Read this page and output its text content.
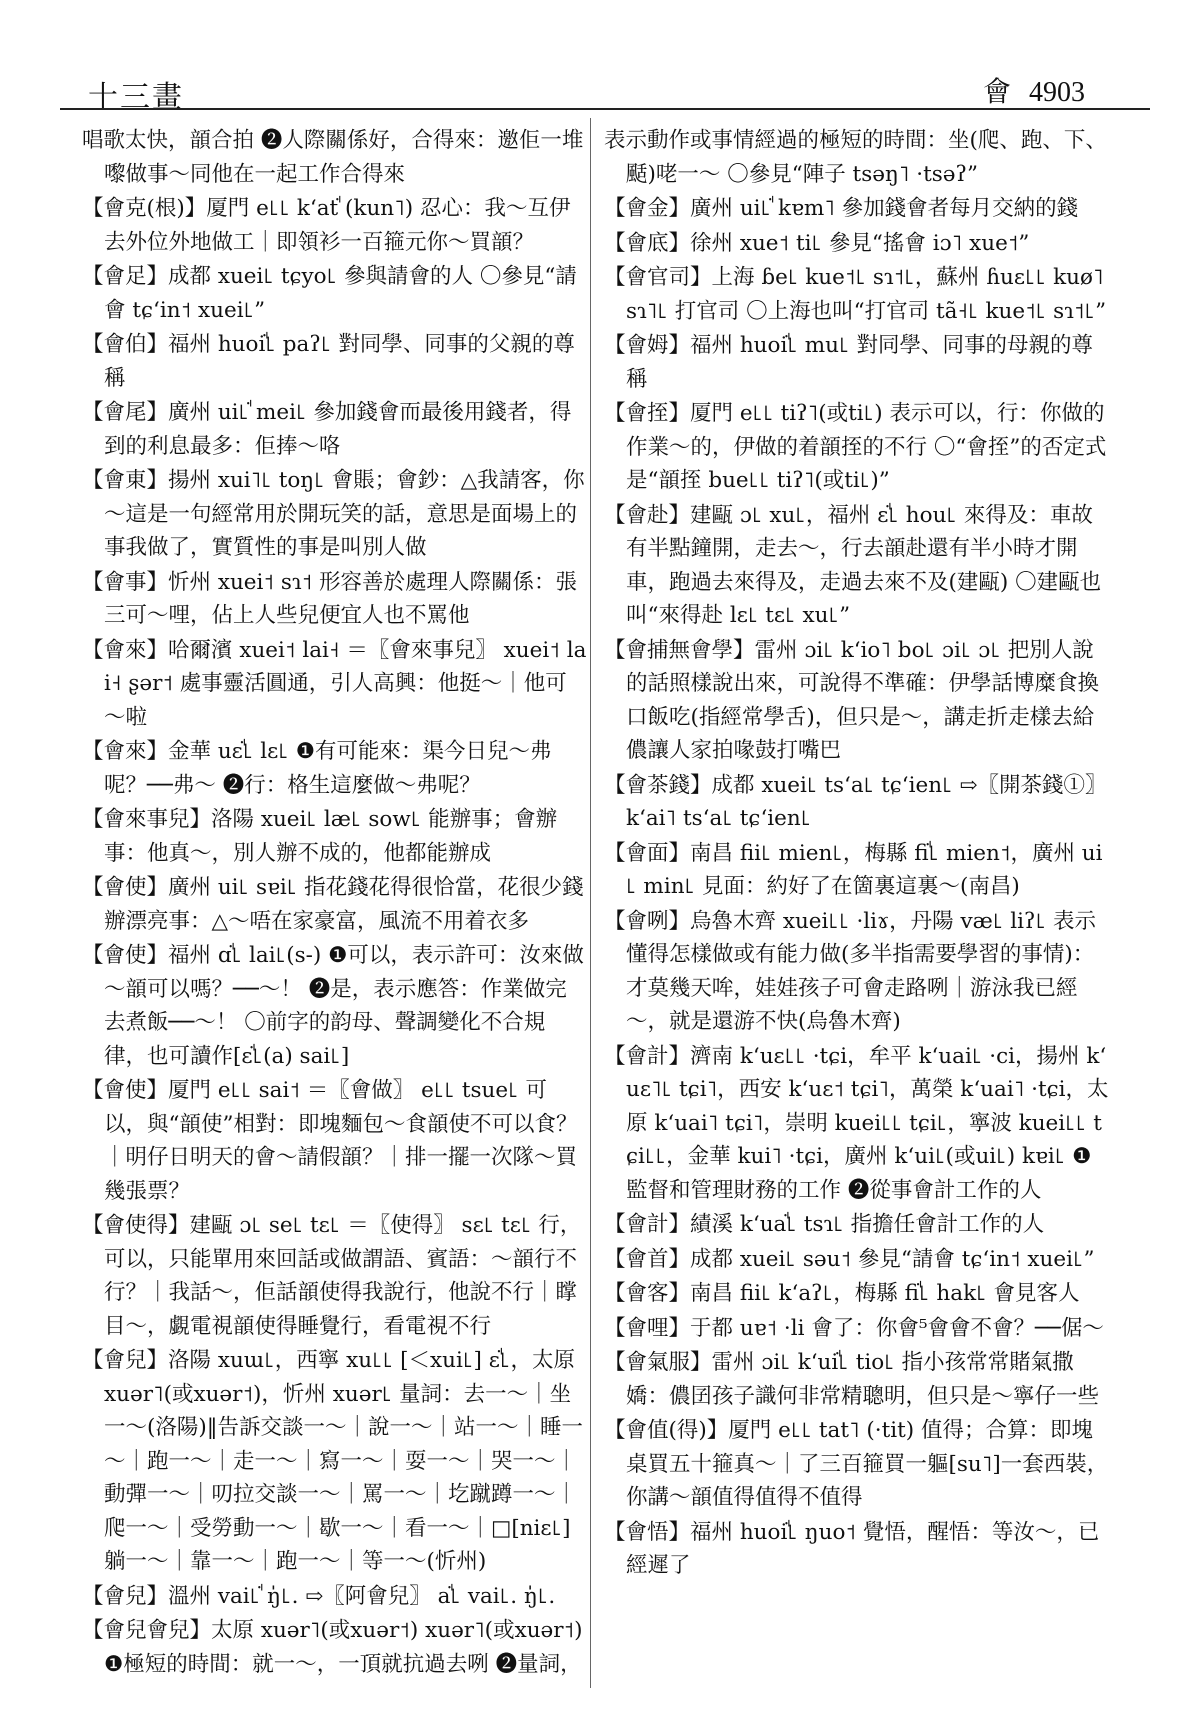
十三畫	會 4903

唱歌太快，𩐳合拍 ❷人際關係好，合得來：邀佢一堆嚟做事～同他在一起工作合得來

【會克(根)】厦門 e꜖꜖ kʻatꜗ (kun˥) 忍心：我～互伊去外位外地做工｜即領衫一百箍元你～買𩐳？

【會足】成都 xuei꜖ tɕyo꜖ 參與請會的人 〇參見“請會 tɕʻin˦ xuei꜖”

【會伯】福州 huoiꜗ꜖ paʔ꜖ 對同學、同事的父親的尊稱

【會尾】廣州 ui꜖ꜗ mei꜖ 參加錢會而最後用錢者，得到的利息最多：佢捧～咯

【會東】揚州 xui˥꜖ toŋ꜖ 會賬；會鈔：△我請客，你～這是一句經常用於開玩笑的話，意思是面場上的事我做了，實質性的事是叫別人做

【會事】忻州 xuei˦ sɿ˦ 形容善於處理人際關係：張三可～哩，佔上人些兒便宜人也不罵他

【會來】哈爾濱 xuei˦ lai˧ ＝〖會來事兒〗 xuei˦ lai˧ ʂər˦ 處事靈活圓通，引人高興：他挺～｜他可～啦

【會來】金華 uɛꜗ꜖ lɛ꜖ ❶有可能來：渠今日兒～弗呢？──弗～ ❷行：格生這麼做～弗呢？

【會來事兒】洛陽 xuei꜖ læ꜖ sow꜖ 能辦事；會辦事：他真～，別人辦不成的，他都能辦成

【會使】廣州 ui꜖ sɐi꜖ 指花錢花得很恰當，花很少錢辦漂亮事：△～唔在家豪富，風流不用着衣多

【會使】福州 ɑꜗ꜖ lai꜖(s-) ❶可以，表示許可：汝來做～𩐳可以嗎？──～！ ❷是，表示應答：作業做完去煮飯──～！ 〇前字的韵母、聲調變化不合規律，也可讀作[ɛꜗ꜖(a) sai꜖]

【會使】厦門 e꜖꜖ sai˦ ＝〖會做〗 e꜖꜖ tsue꜖ 可以，與“𩐳使”相對：即塊麵包～食𩐳使不可以食？｜明仔日明天的會～請假𩐳？｜排一擺一次隊～買幾張票？

【會使得】建甌 ɔ꜖ se꜖ tɛ꜖ ＝〖使得〗 sɛ꜖ tɛ꜖ 行，可以，只能單用來回話或做謂語、賓語：～𩐳行不行？｜我話～，佢話𩐳使得我說行，他說不行｜𥋇目～，覷電視𩐳使得睡覺行，看電視不行

【會兒】洛陽 xuɯ꜖，西寧 xu꜖꜖ [＜xui꜖] ɛꜗ꜖，太原 xuər˥(或xuər˦)，忻州 xuər꜖ 量詞：去一～｜坐一～(洛陽)‖告訴交談一～｜說一～｜站一～｜睡一～｜跑一～｜走一～｜寫一～｜耍一～｜哭一～｜動彈一～｜叨拉交談一～｜罵一～｜圪蹴蹲一～｜爬一～｜受勞動一～｜歇一～｜看一～｜□[niɛ꜖]躺一～｜靠一～｜跑一～｜等一～(忻州)

【會兒】溫州 vai꜖ꜗ ŋ̍꜖. ⇨〖阿會兒〗 aꜗ꜖ vai꜖. ŋ̍꜖.

【會兒會兒】太原 xuər˥(或xuər˦) xuər˥(或xuər˦) ❶極短的時間：就一～，一頂就抗過去咧 ❷量詞，

表示動作或事情經過的極短的時間：坐(爬、跑、下、颳)咾一～ 〇參見“陣子 tsəŋ˥ ·tsəʔ”

【會金】廣州 ui꜖ꜗ kɐm˥ 參加錢會者每月交納的錢

【會底】徐州 xue˦ ti꜖ 參見“搖會 iɔ˥ xue˦”

【會官司】上海 ɓe꜖ kue˦꜖ sɿ˦꜖，蘇州 ɦuɛ꜖꜖ kuø˥ sɿ˥꜖ 打官司 〇上海也叫“打官司 tã˧꜖ kue˦꜖ sɿ˦꜖”

【會姆】福州 huoiꜗ꜖ mu꜖ 對同學、同事的母親的尊稱

【會挃】厦門 e꜖꜖ tiʔ˥(或ti꜖) 表示可以，行：你做的作業～的，伊做的着𩐳挃的不行 〇“會挃”的否定式是“𩐳挃 bue꜖꜖ tiʔ˥(或ti꜖)”

【會赴】建甌 ɔ꜖ xu꜖，福州 ɛꜗ꜖ hou꜖ 來得及：車故有半點鐘開，走去～，行去𩐳赴還有半小時才開車，跑過去來得及，走過去來不及(建甌) 〇建甌也叫“來得赴 lɛ꜖ tɛ꜖ xu꜖”

【會捕無會學】雷州 ɔi꜖ kʻio˥ bo꜖ ɔi꜖ ɔ꜖ 把別人說的話照樣說出來，可說得不準確：伊學話博糜食換口飯吃(指經常學舌)，但只是～，講走折走樣去給儂讓人家拍喙鼓打嘴巴

【會茶錢】成都 xuei꜖ tsʻa꜖ tɕʻien꜖ ⇨〖開茶錢①〗 kʻai˥ tsʻa꜖ tɕʻien꜖

【會面】南昌 fii꜖ mien꜖，梅縣 fiꜗ꜖ mien˦，廣州 ui꜖ min꜖ 見面：約好了在箇裏這裏～(南昌)

【會咧】烏魯木齊 xuei꜖꜖ ·liɤ，丹陽 væ꜖ liʔ꜖ 表示懂得怎樣做或有能力做(多半指需要學習的事情)：才莫幾天哞，娃娃孩子可會走路咧｜游泳我已經～，就是還游不快(烏魯木齊)

【會計】濟南 kʻuɛ꜖꜖ ·tɕi，牟平 kʻuai꜖ ·ci，揚州 kʻuɛ˥꜖ tɕi˥，西安 kʻuɛ˦ tɕi˥，萬榮 kʻuai˥ ·tɕi，太原 kʻuai˥ tɕi˥，崇明 kuei꜖꜖ tɕi꜖，寧波 kuei꜖꜖ tɕi꜖꜖，金華 kui˥ ·tɕi，廣州 kʻui꜖(或ui꜖) kɐi꜖ ❶監督和管理財務的工作 ❷從事會計工作的人

【會計】績溪 kʻuaꜗ꜖ tsɿ꜖ 指擔任會計工作的人

【會首】成都 xuei꜖ səu˦ 參見“請會 tɕʻin˦ xuei꜖”

【會客】南昌 fii꜖ kʻaʔ꜖，梅縣 fiꜗ꜖ hak꜖ 會見客人

【會哩】于都 uɐ˦ ·li 會了：你會⁵會會不會？──倨～

【會氣服】雷州 ɔi꜖ kʻuiꜗ꜖ tio꜖ 指小孩常常賭氣撒嬌：儂囝孩子識何非常精聰明，但只是～寧仔一些

【會值(得)】厦門 e꜖꜖ tat˥ (·tit) 值得；合算：即塊桌買五十箍真～｜了三百箍買一軀[su˥]一套西裝，你講～𩐳值得值得不值得

【會悟】福州 huoiꜗ꜖ ŋuo˦ 覺悟，醒悟：等汝～，已經遲了
